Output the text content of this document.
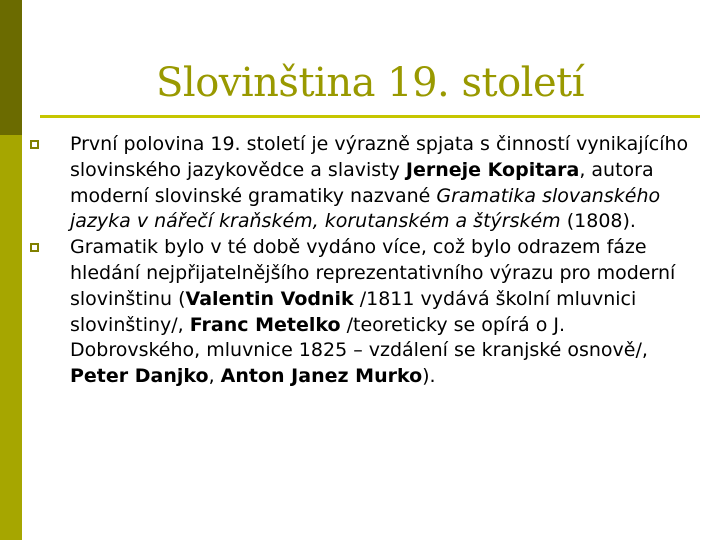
Slovinština 19. století
První polovina 19. století je výrazně spjata s činností vynikajícího slovinského jazykovědce a slavisty Jerneje Kopitara, autora moderní slovinské gramatiky nazvané Gramatika slovanského jazyka v nářečí kraňském, korutanském a štýrském (1808).
Gramatik bylo v té době vydáno více, což bylo odrazem fáze hledání nejpřijatelnějšího reprezentativního výrazu pro moderní slovinštinu (Valentin Vodnik /1811 vydává školní mluvnici slovinštiny/, Franc Metelko /teoreticky se opírá o J. Dobrovského, mluvnice 1825 – vzdálení se kranjské osnově/, Peter Danjko, Anton Janez Murko).
